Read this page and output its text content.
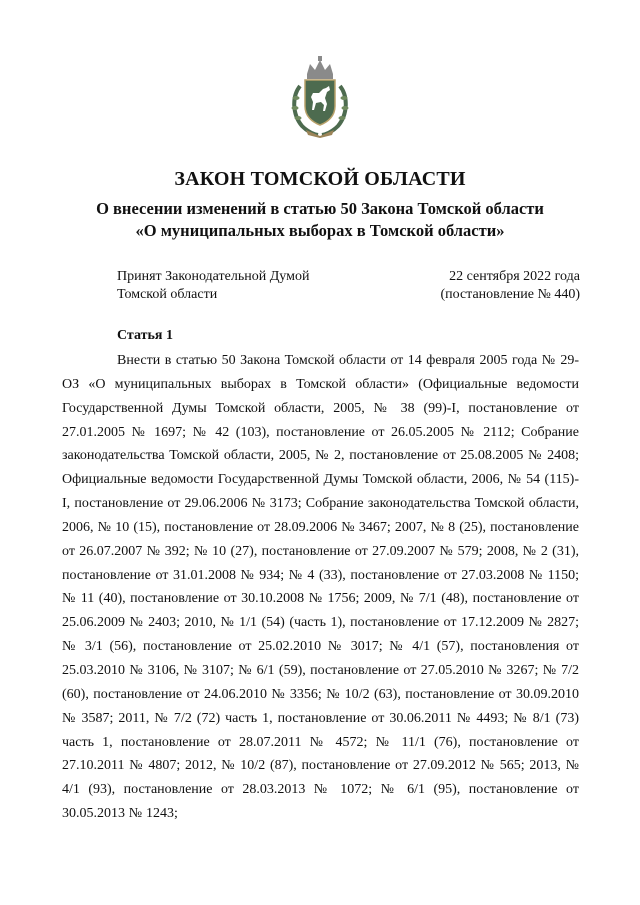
ЗАКОН ТОМСКОЙ ОБЛАСТИ
О внесении изменений в статью 50 Закона Томской области
«О муниципальных выборах в Томской области»
Принят Законодательной Думой
Томской области
22 сентября 2022 года
(постановление № 440)
Статья 1

Внести в статью 50 Закона Томской области от 14 февраля 2005 года № 29-ОЗ «О муниципальных выборах в Томской области» (Официальные ведомости Государственной Думы Томской области, 2005, № 38 (99)-I, постановление от 27.01.2005 № 1697; № 42 (103), постановление от 26.05.2005 № 2112; Собрание законодательства Томской области, 2005, № 2, постановление от 25.08.2005 № 2408; Официальные ведомости Государственной Думы Томской области, 2006, № 54 (115)-I, постановление от 29.06.2006 № 3173; Собрание законодательства Томской области, 2006, № 10 (15), постановление от 28.09.2006 № 3467; 2007, № 8 (25), постановление от 26.07.2007 № 392; № 10 (27), постановление от 27.09.2007 № 579; 2008, № 2 (31), постановление от 31.01.2008 № 934; № 4 (33), постановление от 27.03.2008 № 1150; № 11 (40), постановление от 30.10.2008 № 1756; 2009, № 7/1 (48), постановление от 25.06.2009 № 2403; 2010, № 1/1 (54) (часть 1), постановление от 17.12.2009 № 2827; № 3/1 (56), постановление от 25.02.2010 № 3017; № 4/1 (57), постановления от 25.03.2010 № 3106, № 3107; № 6/1 (59), постановление от 27.05.2010 № 3267; № 7/2 (60), постановление от 24.06.2010 № 3356; № 10/2 (63), постановление от 30.09.2010 № 3587; 2011, № 7/2 (72) часть 1, постановление от 30.06.2011 № 4493; № 8/1 (73) часть 1, постановление от 28.07.2011 № 4572; № 11/1 (76), постановление от 27.10.2011 № 4807; 2012, № 10/2 (87), постановление от 27.09.2012 № 565; 2013, № 4/1 (93), постановление от 28.03.2013 № 1072; № 6/1 (95), постановление от 30.05.2013 № 1243;
